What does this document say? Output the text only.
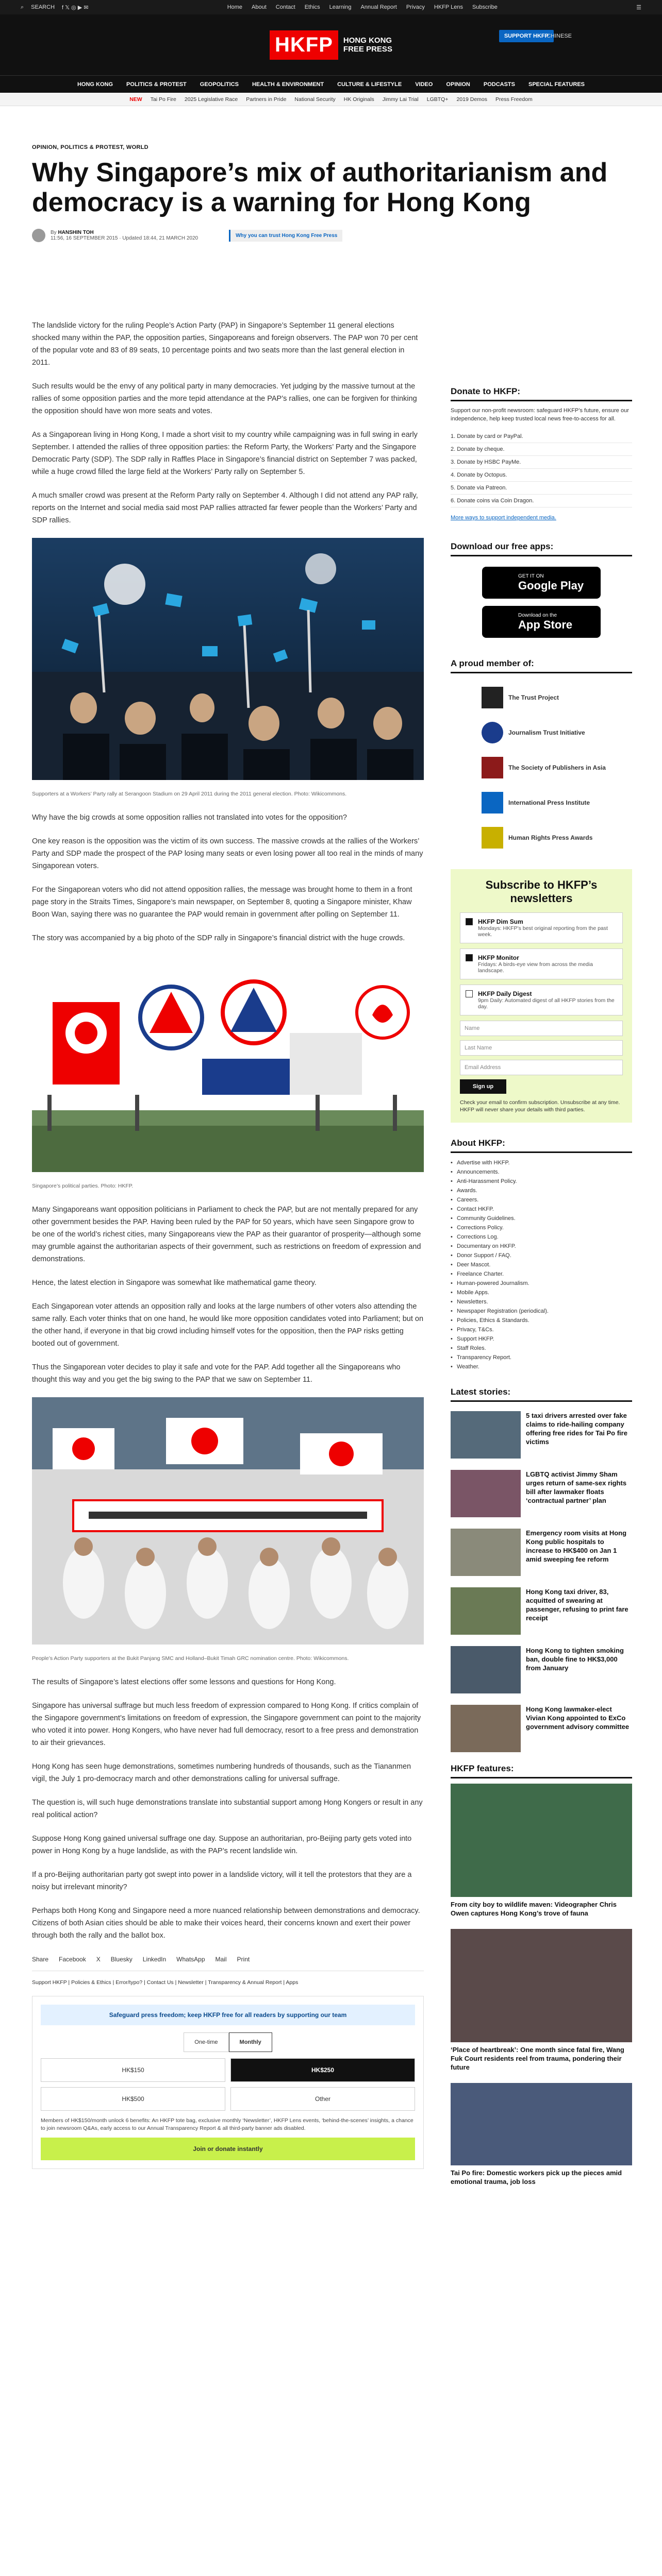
⌕ SEARCH f 𝕏 ◎ ▶ ✉	Home About Contact Ethics Learning Annual Report Privacy HKFP Lens Subscribe	☰
HKFP	HONG KONG
FREE PRESS
SUPPORT HKFP
CHINESE
HONG KONG POLITICS & PROTEST GEOPOLITICS HEALTH & ENVIRONMENT CULTURE & LIFESTYLE VIDEO OPINION PODCASTS SPECIAL FEATURES
NEW Tai Po Fire 2025 Legislative Race Partners in Pride National Security HK Originals Jimmy Lai Trial LGBTQ+ 2019 Demos Press Freedom
OPINION, POLITICS & PROTEST, WORLD
Why Singapore’s mix of authoritarianism and democracy is a warning for Hong Kong
By HANSHIN TOH
11:56, 16 SEPTEMBER 2015 · Updated 18:44, 21 MARCH 2020	Why you can trust Hong Kong Free Press

The landslide victory for the ruling People’s Action Party (PAP) in Singapore’s September 11 general elections shocked many within the PAP, the opposition parties, Singaporeans and foreign observers. The PAP won 70 per cent of the popular vote and 83 of 89 seats, 10 percentage points and two seats more than the last general election in 2011.

Such results would be the envy of any political party in many democracies. Yet judging by the massive turnout at the rallies of some opposition parties and the more tepid attendance at the PAP’s rallies, one can be forgiven for thinking the opposition should have won more seats and votes.

As a Singaporean living in Hong Kong, I made a short visit to my country while campaigning was in full swing in early September. I attended the rallies of three opposition parties: the Reform Party, the Workers’ Party and the Singapore Democratic Party (SDP). The SDP rally in Raffles Place in Singapore’s financial district on September 7 was packed, while a huge crowd filled the large field at the Workers’ Party rally on September 5.

A much smaller crowd was present at the Reform Party rally on September 4. Although I did not attend any PAP rally, reports on the Internet and social media said most PAP rallies attracted far fewer people than the Workers’ Party and SDP rallies.

Supporters at a Workers’ Party rally at Serangoon Stadium on 29 April 2011 during the 2011 general election. Photo: Wikicommons.

Why have the big crowds at some opposition rallies not translated into votes for the opposition?

One key reason is the opposition was the victim of its own success. The massive crowds at the rallies of the Workers’ Party and SDP made the prospect of the PAP losing many seats or even losing power all too real in the minds of many Singaporean voters.

For the Singaporean voters who did not attend opposition rallies, the message was brought home to them in a front page story in the Straits Times, Singapore’s main newspaper, on September 8, quoting a Singapore minister, Khaw Boon Wan, saying there was no guarantee the PAP would remain in government after polling on September 11.

The story was accompanied by a big photo of the SDP rally in Singapore’s financial district with the huge crowds.

Singapore’s political parties. Photo: HKFP.

Many Singaporeans want opposition politicians in Parliament to check the PAP, but are not mentally prepared for any other government besides the PAP. Having been ruled by the PAP for 50 years, which have seen Singapore grow to be one of the world’s richest cities, many Singaporeans view the PAP as their guarantor of prosperity—although some may grumble against the authoritarian aspects of their government, such as restrictions on freedom of expression and demonstrations.

Hence, the latest election in Singapore was somewhat like mathematical game theory.

Each Singaporean voter attends an opposition rally and looks at the large numbers of other voters also attending the same rally. Each voter thinks that on one hand, he would like more opposition candidates voted into Parliament; but on the other hand, if everyone in that big crowd including himself votes for the opposition, then the PAP risks getting booted out of government.

Thus the Singaporean voter decides to play it safe and vote for the PAP. Add together all the Singaporeans who thought this way and you get the big swing to the PAP that we saw on September 11.

People’s Action Party supporters at the Bukit Panjang SMC and Holland–Bukit Timah GRC nomination centre. Photo: Wikicommons.

The results of Singapore’s latest elections offer some lessons and questions for Hong Kong.

Singapore has universal suffrage but much less freedom of expression compared to Hong Kong. If critics complain of the Singapore government’s limitations on freedom of expression, the Singapore government can point to the majority who voted it into power. Hong Kongers, who have never had full democracy, resort to a free press and demonstration to air their grievances.

Hong Kong has seen huge demonstrations, sometimes numbering hundreds of thousands, such as the Tiananmen vigil, the July 1 pro-democracy march and other demonstrations calling for universal suffrage.

The question is, will such huge demonstrations translate into substantial support among Hong Kongers or result in any real political action?

Suppose Hong Kong gained universal suffrage one day. Suppose an authoritarian, pro-Beijing party gets voted into power in Hong Kong by a huge landslide, as with the PAP’s recent landslide win.

If a pro-Beijing authoritarian party got swept into power in a landslide victory, will it tell the protestors that they are a noisy but irrelevant minority?

Perhaps both Hong Kong and Singapore need a more nuanced relationship between demonstrations and democracy. Citizens of both Asian cities should be able to make their voices heard, their concerns known and exert their power through both the rally and the ballot box.

Share Facebook X Bluesky LinkedIn WhatsApp Mail Print
Support HKFP | Policies & Ethics | Error/typo? | Contact Us | Newsletter | Transparency & Annual Report | Apps
Safeguard press freedom; keep HKFP free for all readers by supporting our team
One-time	Monthly
HK$150	HK$250
HK$500	Other
Members of HK$150/month unlock 6 benefits: An HKFP tote bag, exclusive monthly ‘Newsletter’, HKFP Lens events, ‘behind-the-scenes’ insights, a chance to join newsroom Q&As, early access to our Annual Transparency Report & all third-party banner ads disabled.
Join or donate instantly
Donate to HKFP:

Support our non-profit newsroom: safeguard HKFP’s future, ensure our independence, help keep trusted local news free-to-access for all.

1. Donate by card or PayPal.
2. Donate by cheque.
3. Donate by HSBC PayMe.
4. Donate by Octopus.
5. Donate via Patreon.
6. Donate coins via Coin Dragon.

More ways to support independent media.

Download our free apps:
GET IT ON
Google Play
Download on the
App Store
A proud member of:
The Trust Project
Journalism Trust Initiative
The Society of Publishers in Asia
International Press Institute
Human Rights Press Awards
Subscribe to HKFP’s newsletters
HKFP Dim Sum
Mondays: HKFP’s best original reporting from the past week.
HKFP Monitor
Fridays: A birds-eye view from across the media landscape.
HKFP Daily Digest
9pm Daily: Automated digest of all HKFP stories from the day.
Name
Last Name
Email Address
Sign up
Check your email to confirm subscription. Unsubscribe at any time. HKFP will never share your details with third parties.
About HKFP:
• Advertise with HKFP.
• Announcements.
• Anti-Harassment Policy.
• Awards.
• Careers.
• Contact HKFP.
• Community Guidelines.
• Corrections Policy.
• Corrections Log.
• Documentary on HKFP.
• Donor Support / FAQ.
• Deer Mascot.
• Freelance Charter.
• Human-powered Journalism.
• Mobile Apps.
• Newsletters.
• Newspaper Registration (periodical).
• Policies, Ethics & Standards.
• Privacy, T&Cs.
• Support HKFP.
• Staff Roles.
• Transparency Report.
• Weather.
Latest stories:
5 taxi drivers arrested over fake claims to ride-hailing company offering free rides for Tai Po fire victims
LGBTQ activist Jimmy Sham urges return of same-sex rights bill after lawmaker floats ‘contractual partner’ plan
Emergency room visits at Hong Kong public hospitals to increase to HK$400 on Jan 1 amid sweeping fee reform
Hong Kong taxi driver, 83, acquitted of swearing at passenger, refusing to print fare receipt
Hong Kong to tighten smoking ban, double fine to HK$3,000 from January
Hong Kong lawmaker-elect Vivian Kong appointed to ExCo government advisory committee
HKFP features:
From city boy to wildlife maven: Videographer Chris Owen captures Hong Kong’s trove of fauna
‘Place of heartbreak’: One month since fatal fire, Wang Fuk Court residents reel from trauma, pondering their future
Tai Po fire: Domestic workers pick up the pieces amid emotional trauma, job loss
